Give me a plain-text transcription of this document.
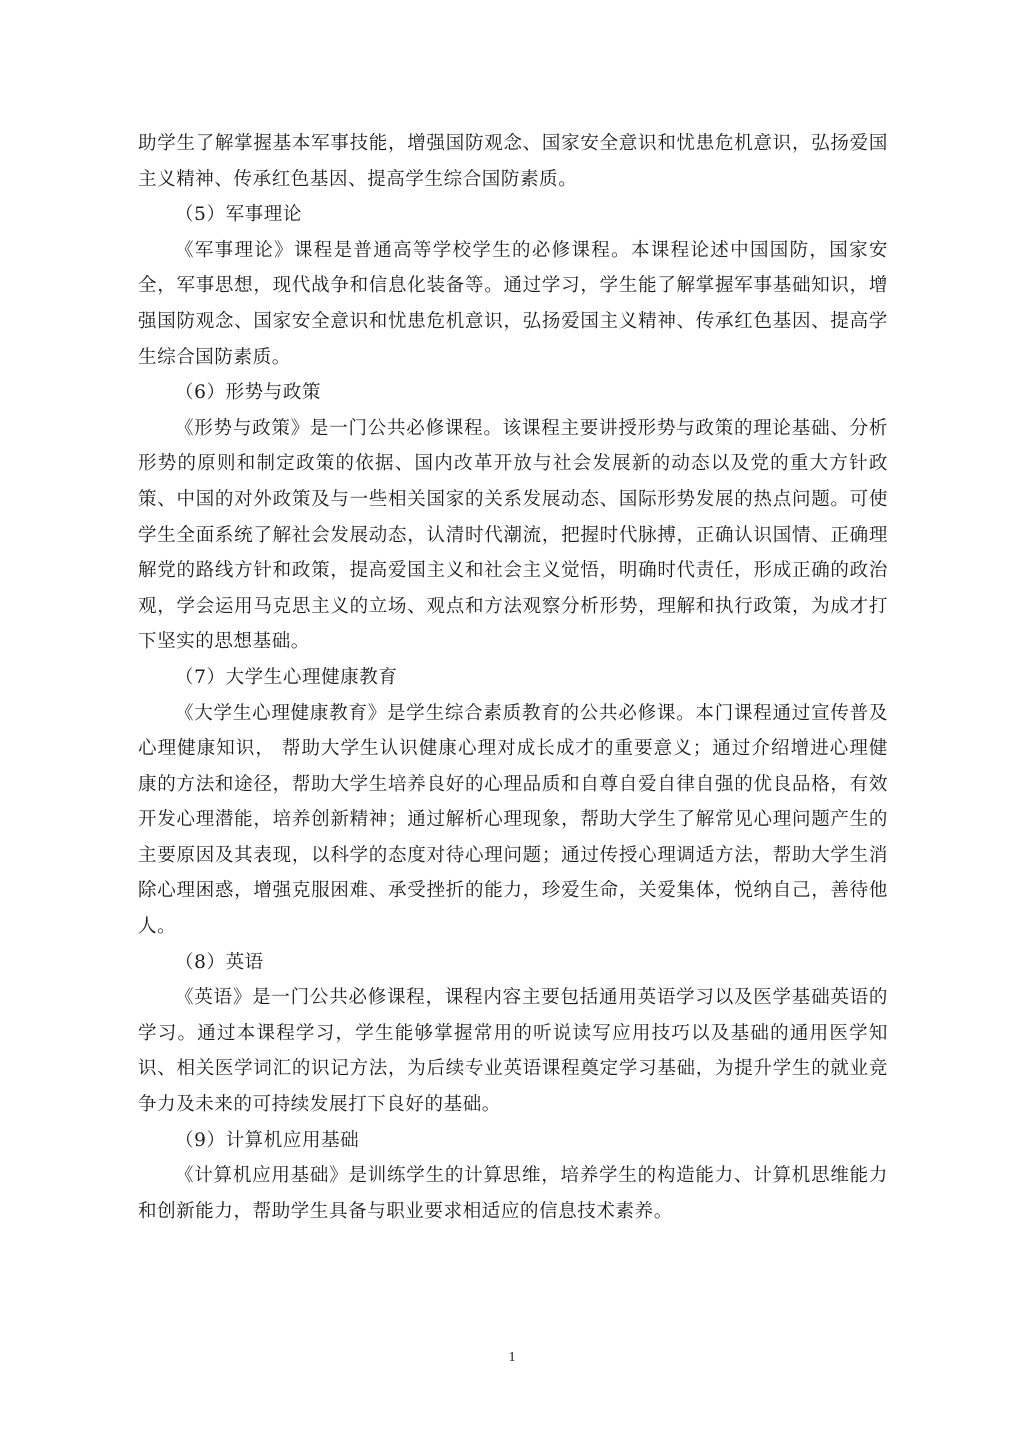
助学生了解掌握基本军事技能，增强国防观念、国家安全意识和忧患危机意识，弘扬爱国主义精神、传承红色基因、提高学生综合国防素质。

（5）军事理论

《军事理论》课程是普通高等学校学生的必修课程。本课程论述中国国防，国家安全，军事思想，现代战争和信息化装备等。通过学习，学生能了解掌握军事基础知识，增强国防观念、国家安全意识和忧患危机意识，弘扬爱国主义精神、传承红色基因、提高学生综合国防素质。

（6）形势与政策

《形势与政策》是一门公共必修课程。该课程主要讲授形势与政策的理论基础、分析形势的原则和制定政策的依据、国内改革开放与社会发展新的动态以及党的重大方针政策、中国的对外政策及与一些相关国家的关系发展动态、国际形势发展的热点问题。可使学生全面系统了解社会发展动态，认清时代潮流，把握时代脉搏，正确认识国情、正确理解党的路线方针和政策，提高爱国主义和社会主义觉悟，明确时代责任，形成正确的政治观，学会运用马克思主义的立场、观点和方法观察分析形势，理解和执行政策，为成才打下坚实的思想基础。

（7）大学生心理健康教育

《大学生心理健康教育》是学生综合素质教育的公共必修课。本门课程通过宣传普及心理健康知识， 帮助大学生认识健康心理对成长成才的重要意义；通过介绍增进心理健康的方法和途径，帮助大学生培养良好的心理品质和自尊自爱自律自强的优良品格，有效开发心理潜能，培养创新精神；通过解析心理现象，帮助大学生了解常见心理问题产生的主要原因及其表现，以科学的态度对待心理问题；通过传授心理调适方法，帮助大学生消除心理困惑，增强克服困难、承受挫折的能力，珍爱生命，关爱集体，悦纳自己，善待他人。

（8）英语

《英语》是一门公共必修课程，课程内容主要包括通用英语学习以及医学基础英语的学习。通过本课程学习，学生能够掌握常用的听说读写应用技巧以及基础的通用医学知识、相关医学词汇的识记方法，为后续专业英语课程奠定学习基础，为提升学生的就业竞争力及未来的可持续发展打下良好的基础。

（9）计算机应用基础

《计算机应用基础》是训练学生的计算思维，培养学生的构造能力、计算机思维能力和创新能力，帮助学生具备与职业要求相适应的信息技术素养。

1
